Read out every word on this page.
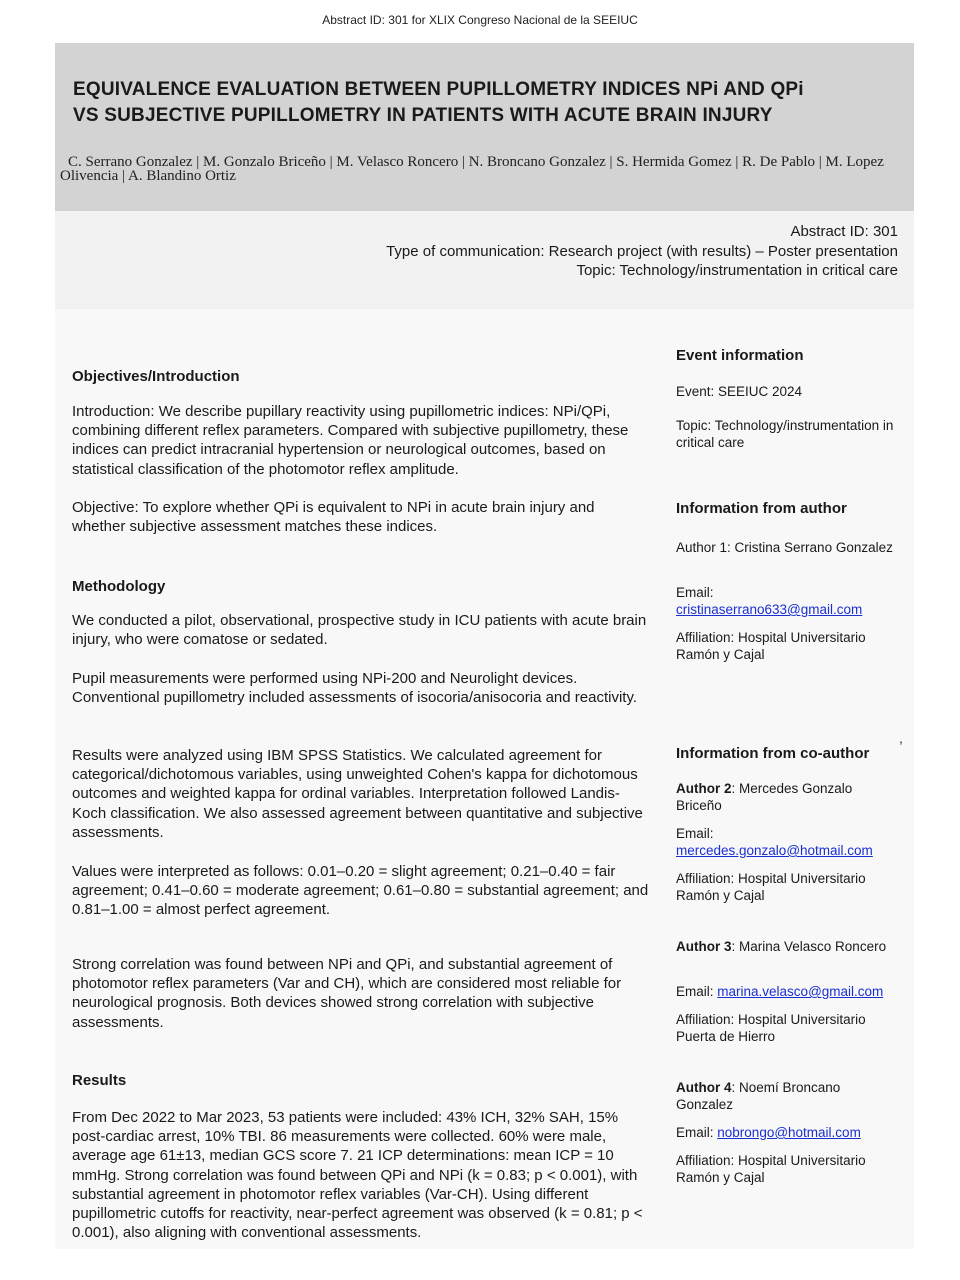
Abstract ID: 301 for XLIX Congreso Nacional de la SEEIUC
EQUIVALENCE EVALUATION BETWEEN PUPILLOMETRY INDICES NPi AND QPi
VS SUBJECTIVE PUPILLOMETRY IN PATIENTS WITH ACUTE BRAIN INJURY

C. Serrano Gonzalez | M. Gonzalo Briceño | M. Velasco Roncero | N. Broncano Gonzalez | S. Hermida Gomez | R. De Pablo | M. Lopez Olivencia | A. Blandino Ortiz

Abstract ID: 301
Type of communication: Research project (with results) – Poster presentation
Topic: Technology/instrumentation in critical care
Objectives/Introduction

Introduction: We describe pupillary reactivity using pupillometric indices: NPi/QPi, combining different reflex parameters. Compared with subjective pupillometry, these indices can predict intracranial hypertension or neurological outcomes, based on statistical classification of the photomotor reflex amplitude.

Objective: To explore whether QPi is equivalent to NPi in acute brain injury and whether subjective assessment matches these indices.

Methodology

We conducted a pilot, observational, prospective study in ICU patients with acute brain injury, who were comatose or sedated.

Pupil measurements were performed using NPi-200 and Neurolight devices. Conventional pupillometry included assessments of isocoria/anisocoria and reactivity.

Results were analyzed using IBM SPSS Statistics. We calculated agreement for categorical/dichotomous variables, using unweighted Cohen's kappa for dichotomous outcomes and weighted kappa for ordinal variables. Interpretation followed Landis-Koch classification. We also assessed agreement between quantitative and subjective assessments.

Values were interpreted as follows: 0.01–0.20 = slight agreement; 0.21–0.40 = fair agreement; 0.41–0.60 = moderate agreement; 0.61–0.80 = substantial agreement; and 0.81–1.00 = almost perfect agreement.

Strong correlation was found between NPi and QPi, and substantial agreement of photomotor reflex parameters (Var and CH), which are considered most reliable for neurological prognosis. Both devices showed strong correlation with subjective assessments.

Results

From Dec 2022 to Mar 2023, 53 patients were included: 43% ICH, 32% SAH, 15% post-cardiac arrest, 10% TBI. 86 measurements were collected. 60% were male, average age 61±13, median GCS score 7. 21 ICP determinations: mean ICP = 10 mmHg. Strong correlation was found between QPi and NPi (k = 0.83; p < 0.001), with substantial agreement in photomotor reflex variables (Var-CH). Using different pupillometric cutoffs for reactivity, near-perfect agreement was observed (k = 0.81; p < 0.001), also aligning with conventional assessments.

Event information

Event: SEEIUC 2024

Topic: Technology/instrumentation in critical care

Information from author

Author 1: Cristina Serrano Gonzalez

Email:
cristinaserrano633@gmail.com

Affiliation: Hospital Universitario Ramón y Cajal

Information from co-author

Author 2: Mercedes Gonzalo Briceño

Email:
mercedes.gonzalo@hotmail.com

Affiliation: Hospital Universitario Ramón y Cajal

Author 3: Marina Velasco Roncero

Email: marina.velasco@gmail.com

Affiliation: Hospital Universitario Puerta de Hierro

Author 4: Noemí Broncano Gonzalez

Email: nobrongo@hotmail.com

Affiliation: Hospital Universitario Ramón y Cajal

,
